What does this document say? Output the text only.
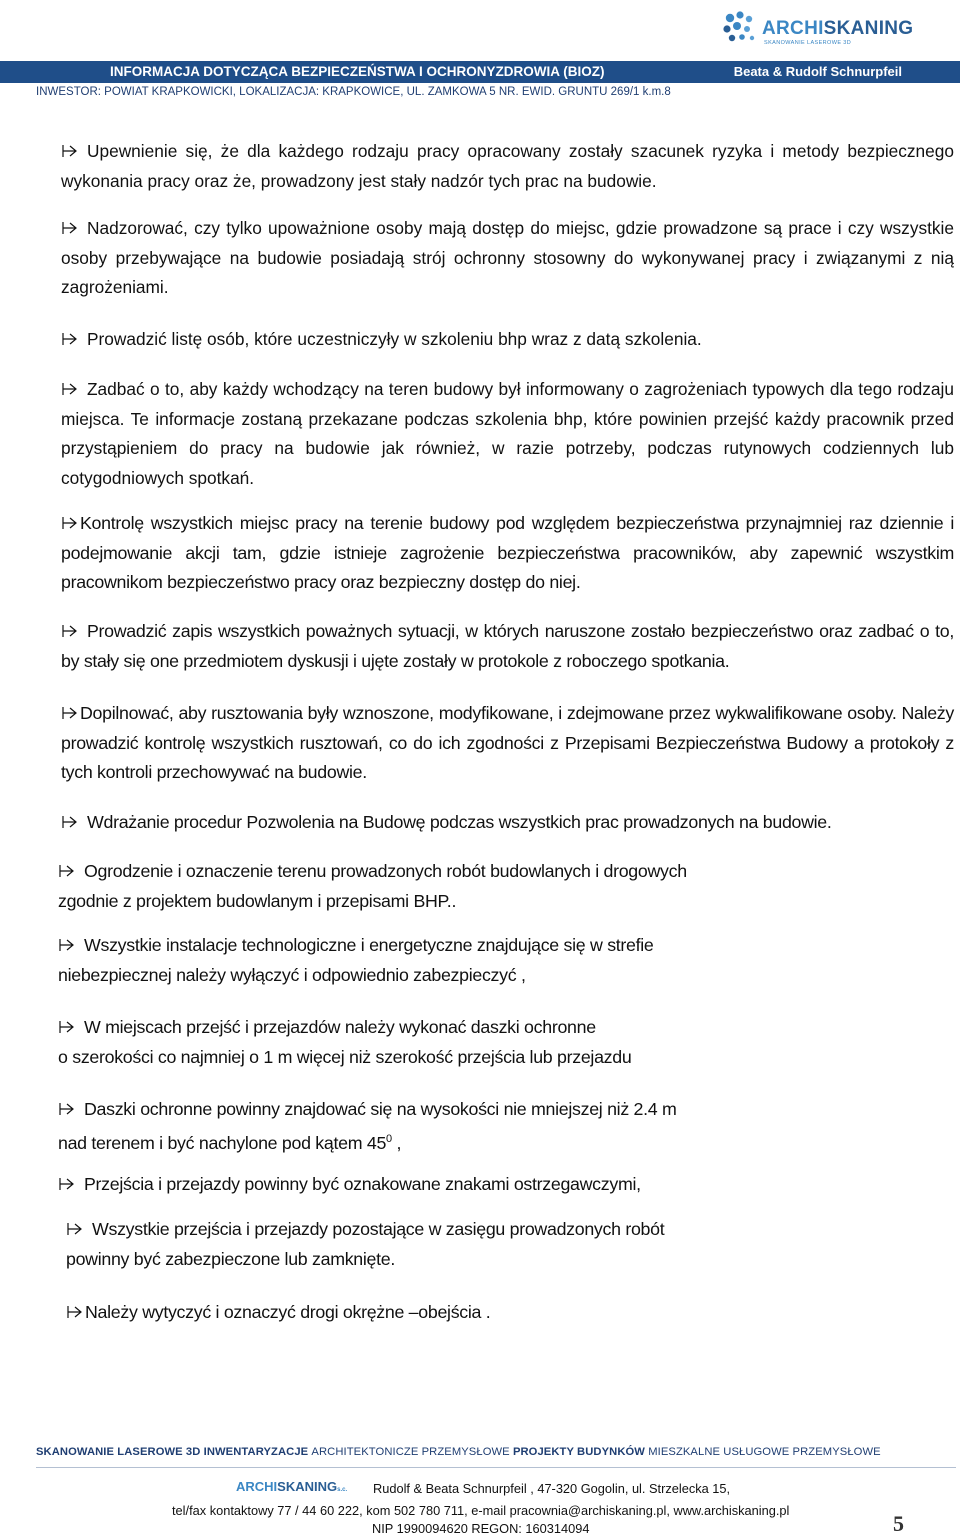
ARCHISKANING
SKANOWANIE LASEROWE 3D
INFORMACJA DOTYCZĄCA BEZPIECZEŃSTWA I OCHRONYZDROWIA (BIOZ)	Beata & Rudolf Schnurpfeil
INWESTOR: POWIAT KRAPKOWICKI, LOKALIZACJA: KRAPKOWICE, UL. ZAMKOWA 5 NR. EWID. GRUNTU 269/1 k.m.8
Upewnienie się, że dla każdego rodzaju pracy opracowany zostały szacunek ryzyka i metody bezpiecznego wykonania pracy oraz że, prowadzony jest stały nadzór tych prac na budowie.
Nadzorować, czy tylko upoważnione osoby mają dostęp do miejsc, gdzie prowadzone są prace i czy wszystkie osoby przebywające na budowie posiadają strój ochronny stosowny do wykonywanej pracy i związanymi z nią zagrożeniami.
Prowadzić listę osób, które uczestniczyły w szkoleniu bhp wraz z datą szkolenia.
Zadbać o to, aby każdy wchodzący na teren budowy był informowany o zagrożeniach typowych dla tego rodzaju miejsca. Te informacje zostaną przekazane podczas szkolenia bhp, które powinien przejść każdy pracownik przed przystąpieniem do pracy na budowie jak również, w razie potrzeby, podczas rutynowych codziennych lub cotygodniowych spotkań.
Kontrolę wszystkich miejsc pracy na terenie budowy pod względem bezpieczeństwa przynajmniej raz dziennie i podejmowanie akcji tam, gdzie istnieje zagrożenie bezpieczeństwa pracowników, aby zapewnić wszystkim pracownikom bezpieczeństwo pracy oraz bezpieczny dostęp do niej.
Prowadzić zapis wszystkich poważnych sytuacji, w których naruszone zostało bezpieczeństwo oraz zadbać o to, by stały się one przedmiotem dyskusji i ujęte zostały w protokole z roboczego spotkania.
Dopilnować, aby rusztowania były wznoszone, modyfikowane, i zdejmowane przez wykwalifikowane osoby. Należy prowadzić kontrolę wszystkich rusztowań, co do ich zgodności z Przepisami Bezpieczeństwa Budowy a protokoły z tych kontroli przechowywać na budowie.
Wdrażanie procedur Pozwolenia na Budowę podczas wszystkich prac prowadzonych na budowie.
Ogrodzenie i oznaczenie terenu prowadzonych robót budowlanych i drogowych
zgodnie z projektem budowlanym i przepisami BHP..
Wszystkie instalacje technologiczne i energetyczne znajdujące się w strefie
niebezpiecznej należy wyłączyć i odpowiednio zabezpieczyć ,
W miejscach przejść i przejazdów należy wykonać daszki ochronne
o szerokości co najmniej o 1 m więcej niż szerokość przejścia lub przejazdu
Daszki ochronne powinny znajdować się na wysokości nie mniejszej niż 2.4 m
nad terenem i być nachylone pod kątem $45^0$ ,
Przejścia i przejazdy powinny być oznakowane znakami ostrzegawczymi,
Wszystkie przejścia i przejazdy pozostające w zasięgu prowadzonych robót
powinny być zabezpieczone lub zamknięte.
Należy wytyczyć i oznaczyć drogi okrężne –obejścia .
SKANOWANIE LASEROWE 3D INWENTARYZACJE ARCHITEKTONICZE PRZEMYSŁOWE PROJEKTY BUDYNKÓW MIESZKALNE USŁUGOWE PRZEMYSŁOWE
ARCHISKANINGs.c. Rudolf & Beata Schnurpfeil , 47-320 Gogolin, ul. Strzelecka 15,
tel/fax kontaktowy 77 / 44 60 222, kom 502 780 711, e-mail pracownia@archiskaning.pl, www.archiskaning.pl
NIP 1990094620 REGON: 160314094	5
